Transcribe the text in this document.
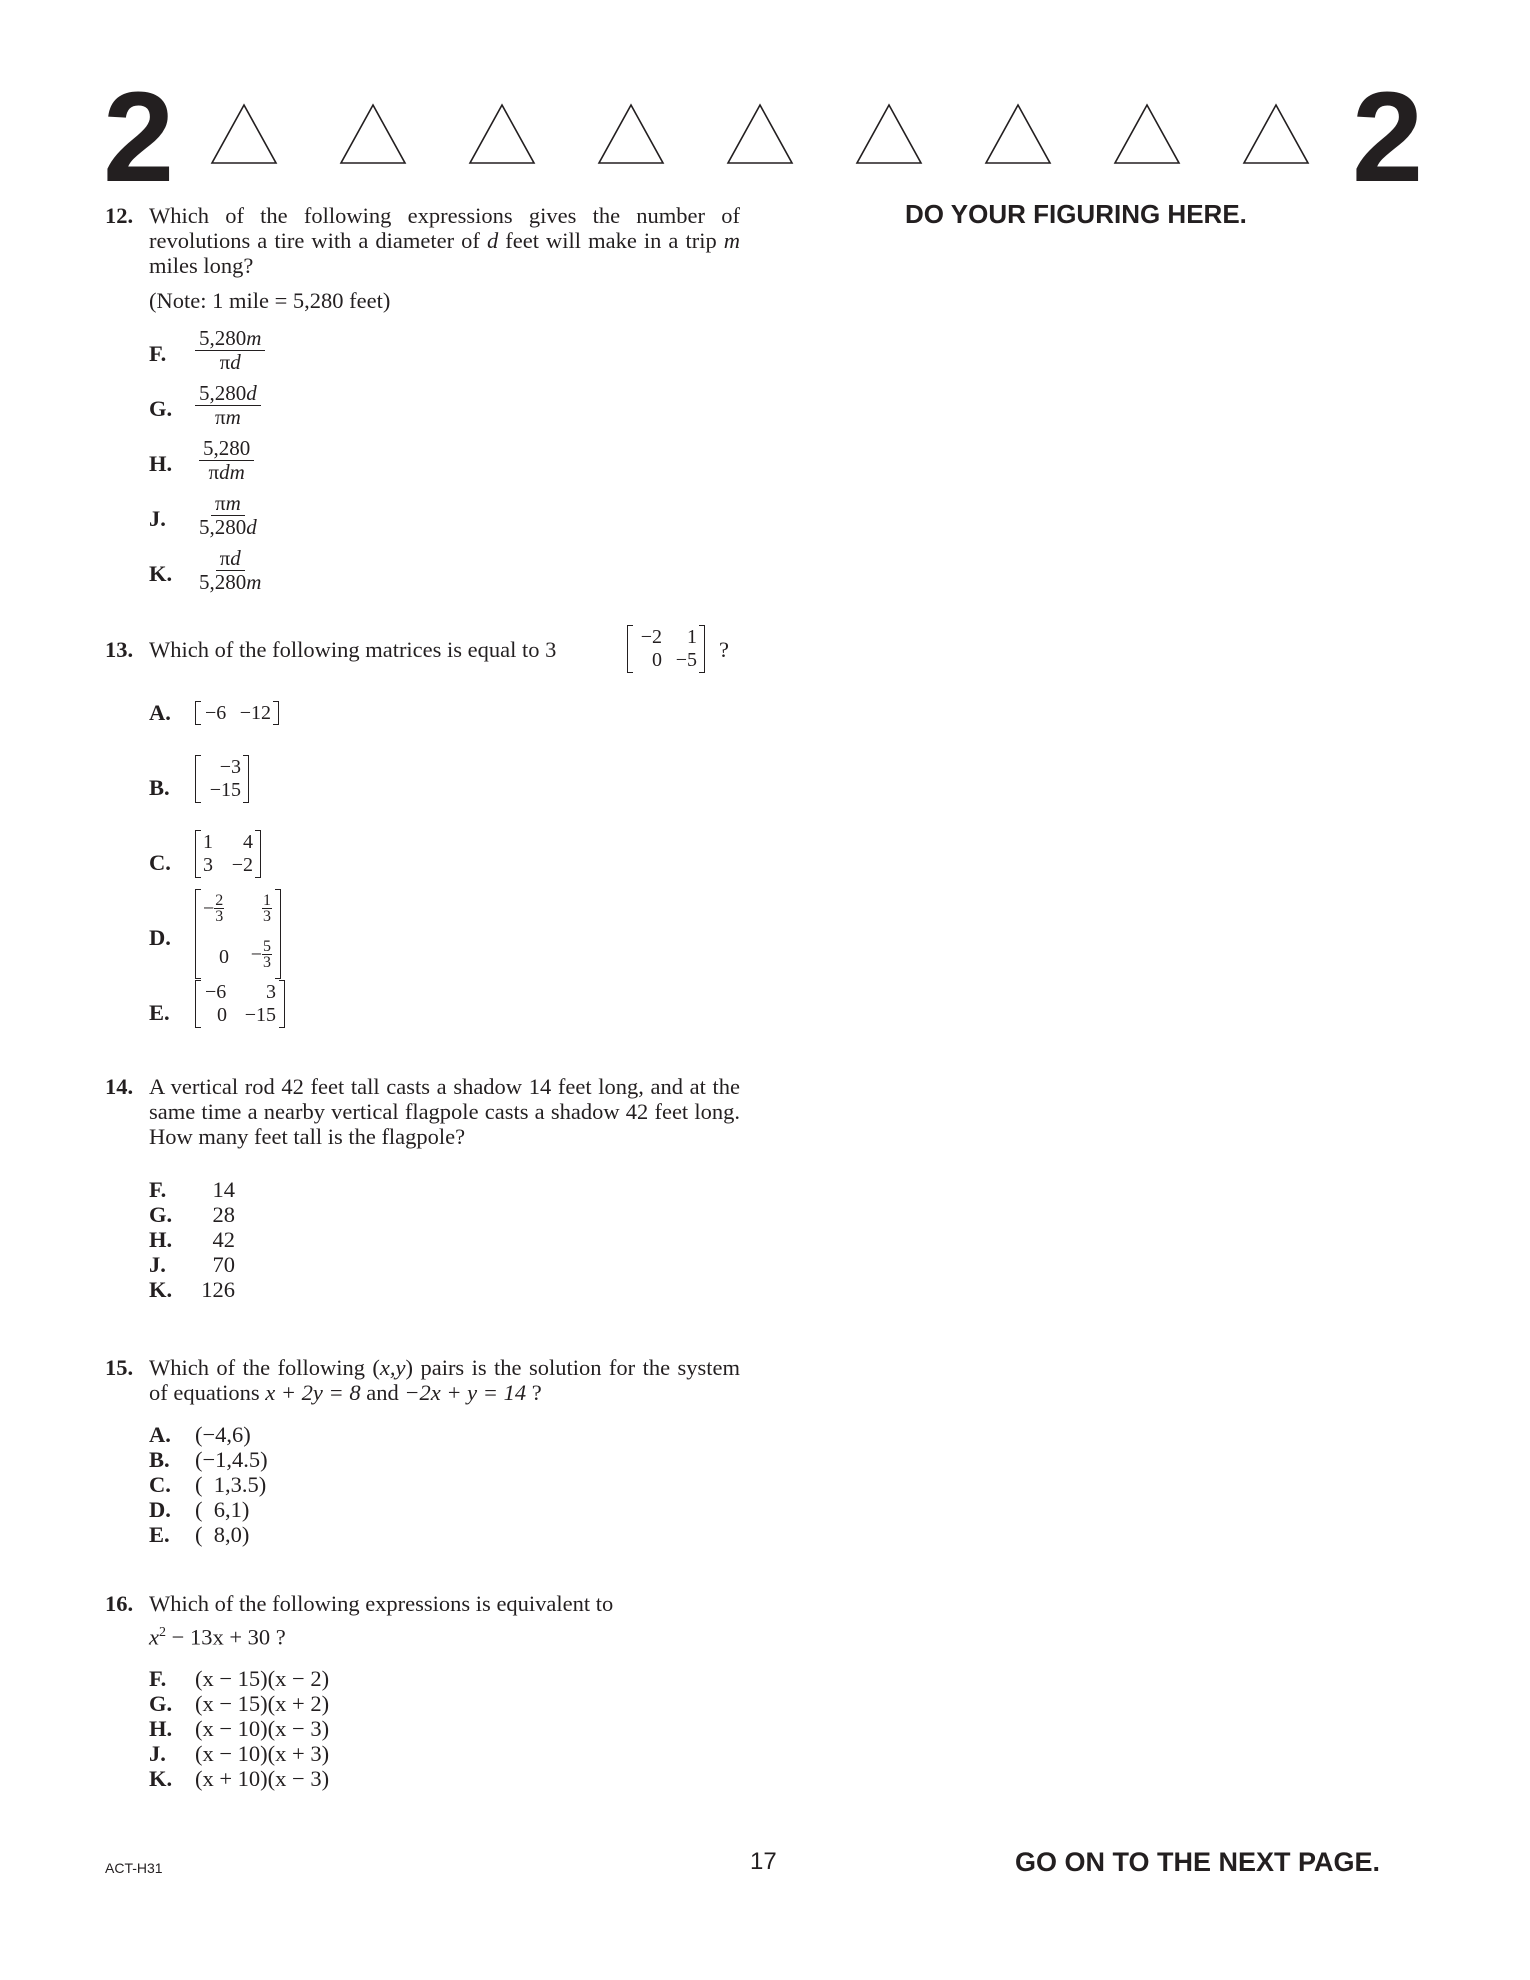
2	2
DO YOUR FIGURING HERE.
12. Which of the following expressions gives the number of revolutions a tire with a diameter of d feet will make in a trip m miles long?
(Note: 1 mile = 5,280 feet)
F. $\frac{5,280m}{\pi d}$
G. $\frac{5,280d}{\pi m}$
H.
5,280
πdm
J. $\frac{\pi m}{5,280d}$
K. $\frac{\pi d}{5,280m}$
13. Which of the following matrices is equal to 3	−2 1
0 −5 ?
A. −6 −12
B.
−3
−15
C.
1 4
3 −2
D.
− $\frac{2}{3} \frac{1}{3}$
$0 - \frac{5}{3}$
E.
−6 3
0 −15
14. A vertical rod 42 feet tall casts a shadow 14 feet long, and at the same time a nearby vertical flagpole casts a shadow 42 feet long. How many feet tall is the flagpole?
F.	14
G.	28
H.	42
J.	70
K. 126
15. Which of the following (x,y) pairs is the solution for the system of equations x + 2y = 8 and −2x + y = 14 ?
A. (−4,6)
B. (−1,4.5)
C. (  1,3.5)
D. (  6,1)
E. (  8,0)
16. Which of the following expressions is equivalent to
$x^2 - 13x + 30$ ?
F. (x − 15)(x − 2)
G. (x − 15)(x + 2)
H. (x − 10)(x − 3)
J. (x − 10)(x + 3)
K. (x + 10)(x − 3)
ACT-H31	17	GO ON TO THE NEXT PAGE.
